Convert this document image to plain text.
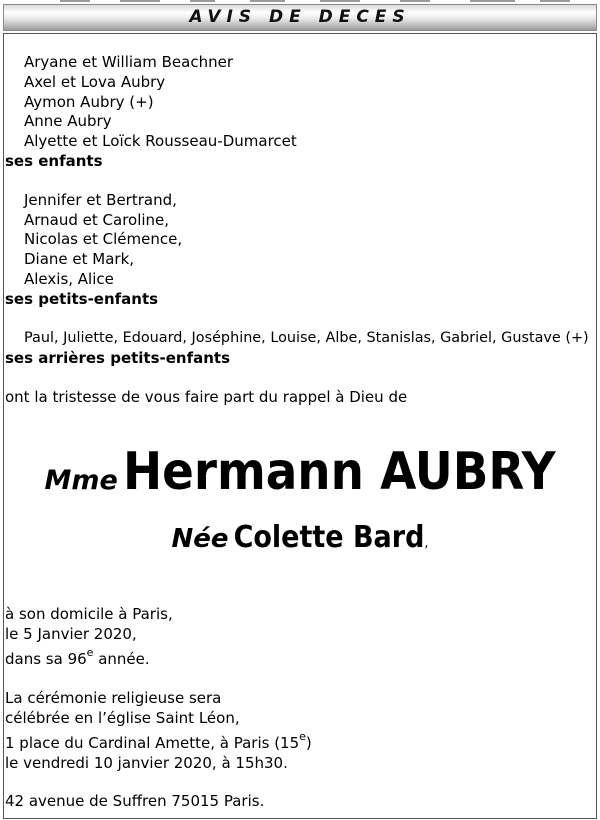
AVIS DE DECES
Aryane et William Beachner
Axel et Lova Aubry
Aymon Aubry (+)
Anne Aubry
Alyette et Loïck Rousseau-Dumarcet
ses enfants
Jennifer et Bertrand,
Arnaud et Caroline,
Nicolas et Clémence,
Diane et Mark,
Alexis, Alice
ses petits-enfants
Paul, Juliette, Edouard, Joséphine, Louise, Albe, Stanislas, Gabriel, Gustave (+)
ses arrières petits-enfants
ont la tristesse de vous faire part du rappel à Dieu de
Mme Hermann AUBRY
Née Colette Bard,
à son domicile à Paris,
le 5 Janvier 2020,
dans sa 96e année.
La cérémonie religieuse sera
célébrée en l’église Saint Léon,
1 place du Cardinal Amette, à Paris (15e)
le vendredi 10 janvier 2020, à 15h30.
42 avenue de Suffren 75015 Paris.
